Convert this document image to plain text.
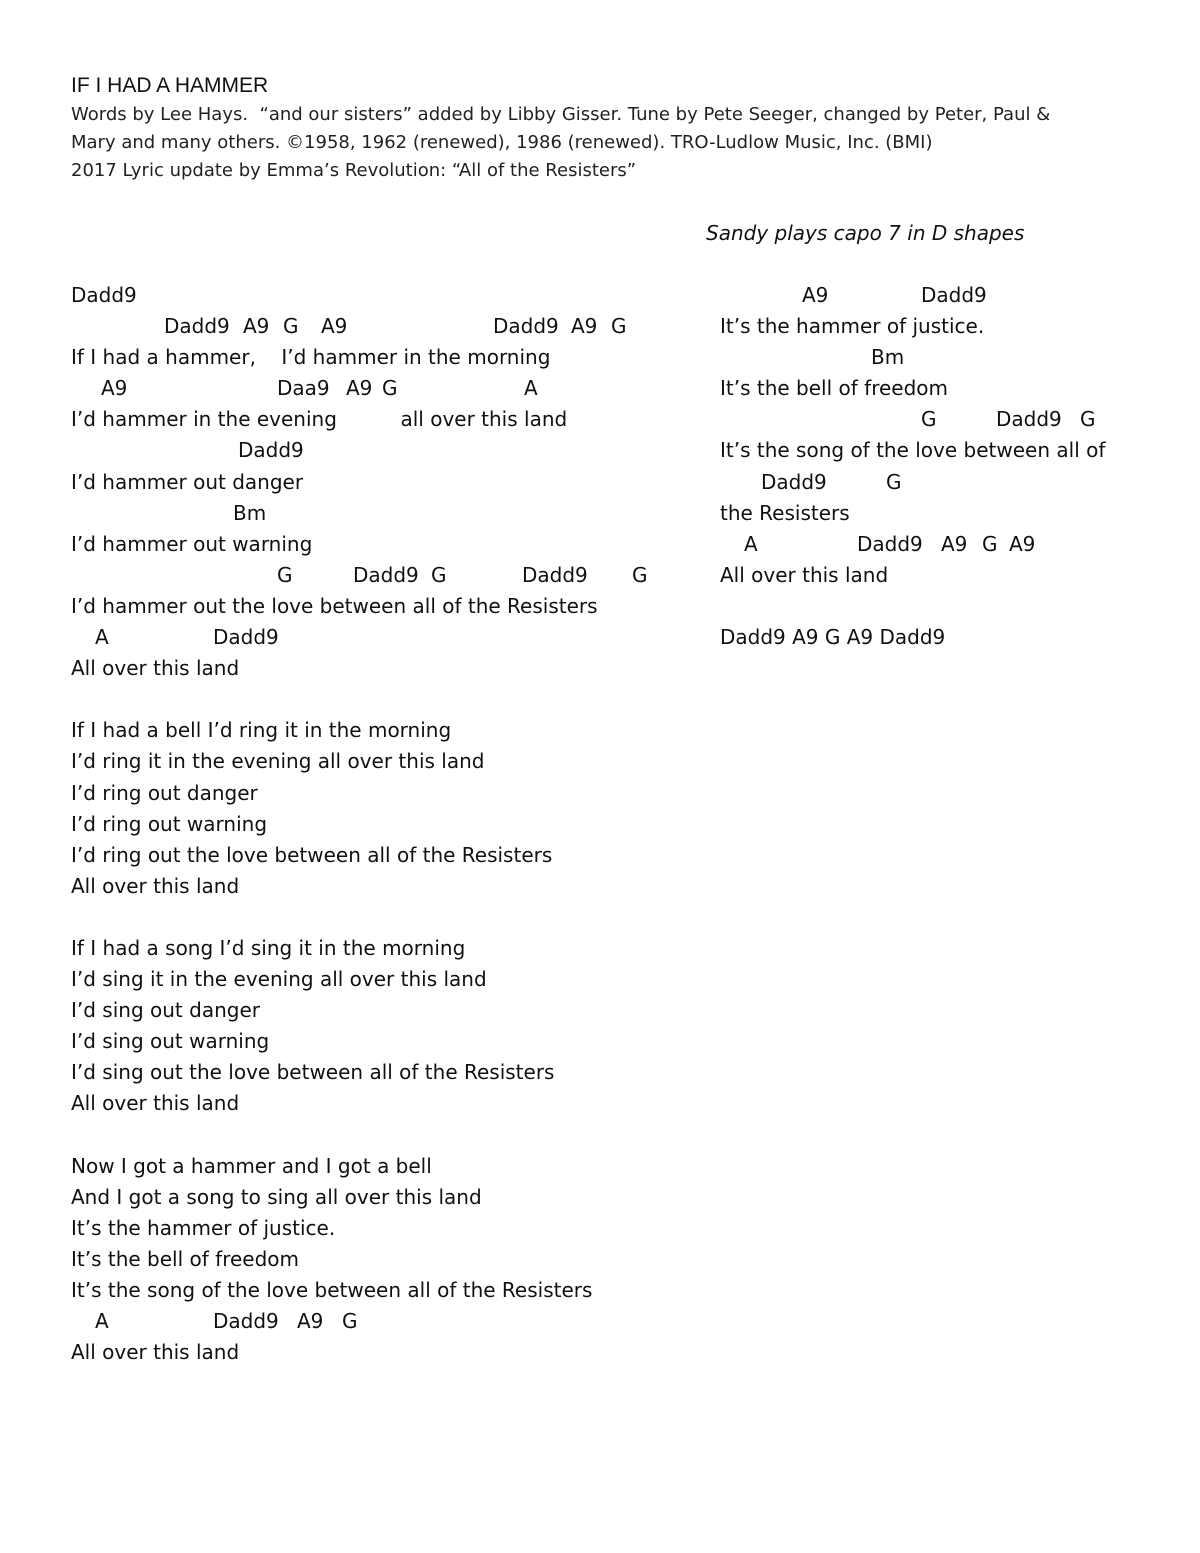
IF I HAD A HAMMER
Words by Lee Hays.  “and our sisters” added by Libby Gisser. Tune by Pete Seeger, changed by Peter, Paul &
Mary and many others. ©1958, 1962 (renewed), 1986 (renewed). TRO-Ludlow Music, Inc. (BMI)
2017 Lyric update by Emma’s Revolution: “All of the Resisters”
Sandy plays capo 7 in D shapes
Dadd9
Dadd9 A9 G A9	Dadd9 A9 G
If I had a hammer,    I’d hammer in the morning
A9	Daa9 A9 G	A
I’d hammer in the evening          all over this land
Dadd9
I’d hammer out danger
Bm
I’d hammer out warning
G	Dadd9 G	Dadd9 G
I’d hammer out the love between all of the Resisters
A	Dadd9
All over this land
If I had a bell I’d ring it in the morning
I’d ring it in the evening all over this land
I’d ring out danger
I’d ring out warning
I’d ring out the love between all of the Resisters
All over this land
If I had a song I’d sing it in the morning
I’d sing it in the evening all over this land
I’d sing out danger
I’d sing out warning
I’d sing out the love between all of the Resisters
All over this land
Now I got a hammer and I got a bell
And I got a song to sing all over this land
It’s the hammer of justice.
It’s the bell of freedom
It’s the song of the love between all of the Resisters
A	Dadd9 A9 G
All over this land
A9	Dadd9
It’s the hammer of justice.
Bm
It’s the bell of freedom
G	Dadd9 G
It’s the song of the love between all of
Dadd9	G
the Resisters
A	Dadd9 A9 G A9
All over this land
Dadd9 A9 G A9 Dadd9
